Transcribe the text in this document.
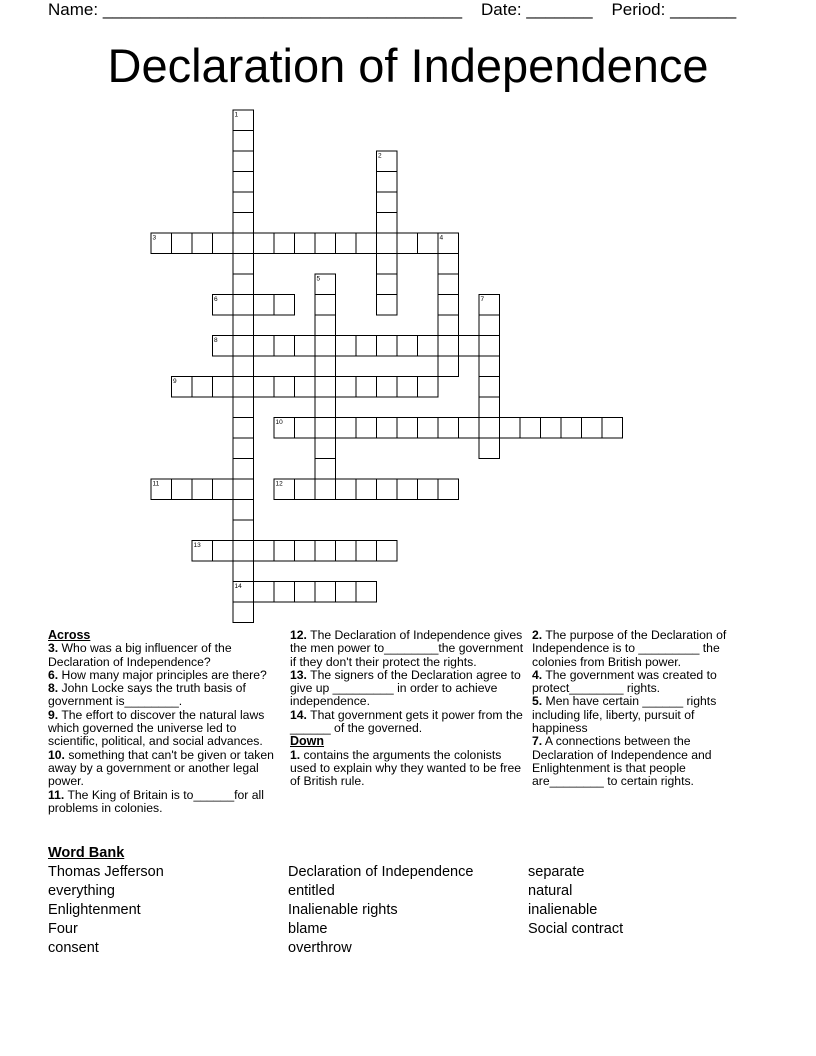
Name: ______________________________________ Date: _______ Period: _______
Declaration of Independence
1
2
3	4
5
6	7
8
9
10
11	12
13
14
Across
3. Who was a big influencer of the Declaration of Independence?
6. How many major principles are there?
8. John Locke says the truth basis of government is________.
9. The effort to discover the natural laws which governed the universe led to scientific, political, and social advances.
10. something that can't be given or taken away by a government or another legal power.
11. The King of Britain is to______for all problems in colonies.
12. The Declaration of Independence gives the men power to________the government if they don't their protect the rights.
13. The signers of the Declaration agree to give up _________ in order to achieve independence.
14. That government gets it power from the ______ of the governed.
Down
1. contains the arguments the colonists used to explain why they wanted to be free of British rule.
2. The purpose of the Declaration of Independence is to _________ the colonies from British power.
4. The government was created to protect________ rights.
5. Men have certain ______ rights including life, liberty, pursuit of happiness
7. A connections between the Declaration of Independence and Enlightenment is that people are________ to certain rights.
Word Bank
Thomas Jefferson
everything
Enlightenment
Four
consent
Declaration of Independence
entitled
Inalienable rights
blame
overthrow
separate
natural
inalienable
Social contract
